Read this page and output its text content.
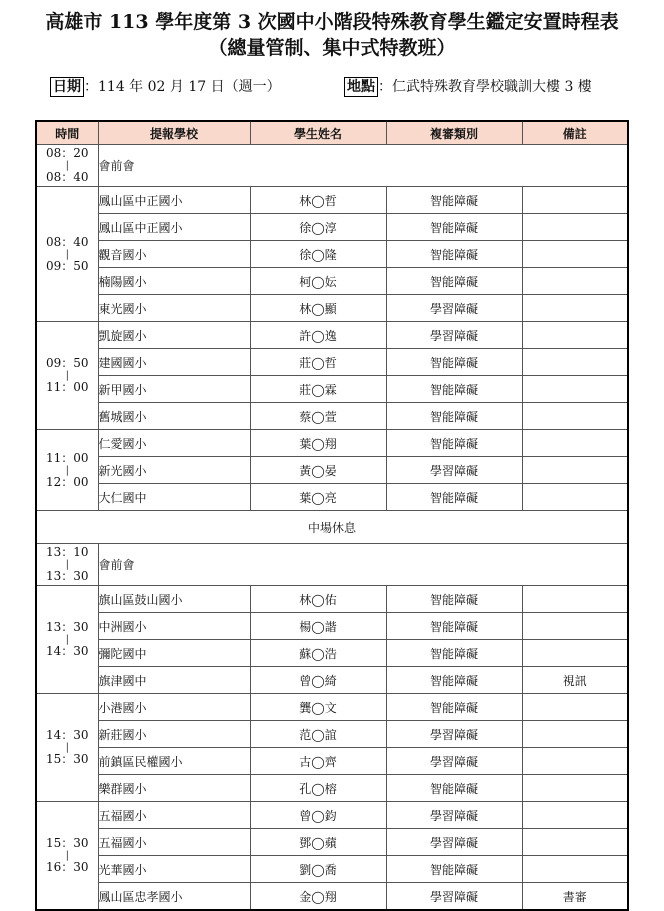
高雄市 113 學年度第 3 次國中小階段特殊教育學生鑑定安置時程表
（總量管制、集中式特教班）
日期 ：114 年 02 月 17 日（週一）	地點 ：仁武特殊教育學校職訓大樓 3 樓
時間	提報學校	學生姓名	複審類別	備註
08：20
|
08：40	會前會			
08：40
|
09：50	鳳山區中正國小	林◯哲	智能障礙	
	鳳山區中正國小	徐◯淳	智能障礙	
	觀音國小	徐◯隆	智能障礙	
	楠陽國小	柯◯妘	智能障礙	
	東光國小	林◯顯	學習障礙	
09：50
|
11：00	凱旋國小	許◯逸	學習障礙	
	建國國小	莊◯哲	智能障礙	
	新甲國小	莊◯霖	智能障礙	
	舊城國小	蔡◯萱	智能障礙	
11：00
|
12：00	仁愛國小	葉◯翔	智能障礙	
	新光國小	黃◯晏	學習障礙	
	大仁國中	葉◯亮	智能障礙	
中場休息				
13：10
|
13：30	會前會			
13：30
|
14：30	旗山區鼓山國小	林◯佑	智能障礙	
	中洲國小	楊◯諧	智能障礙	
	彌陀國中	蘇◯浩	智能障礙	
	旗津國中	曾◯綺	智能障礙	視訊
14：30
|
15：30	小港國小	龔◯文	智能障礙	
	新莊國小	范◯誼	學習障礙	
	前鎮區民權國小	古◯齊	學習障礙	
	樂群國小	孔◯榕	智能障礙	
15：30
|
16：30	五福國小	曾◯鈞	學習障礙	
	五福國小	鄧◯蘋	學習障礙	
	光華國小	劉◯喬	智能障礙	
	鳳山區忠孝國小	金◯翔	學習障礙	書審
